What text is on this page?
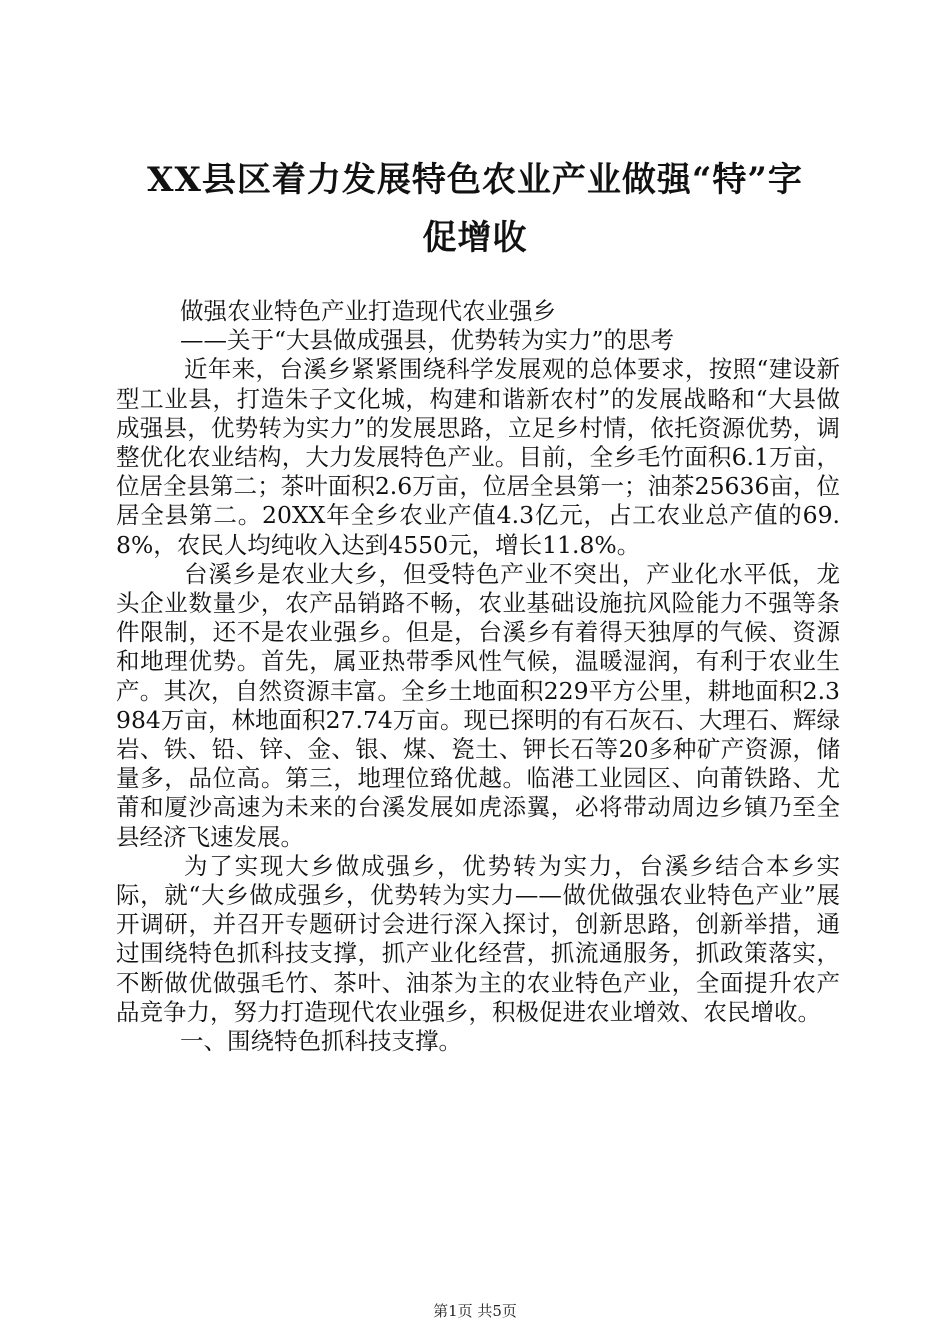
XX县区着力发展特色农业产业做强“特”字
促增收

做强农业特色产业打造现代农业强乡

——关于“大县做成强县，优势转为实力”的思考

近年来，台溪乡紧紧围绕科学发展观的总体要求，按照“建设新型工业县，打造朱子文化城，构建和谐新农村”的发展战略和“大县做成强县，优势转为实力”的发展思路，立足乡村情，依托资源优势，调整优化农业结构，大力发展特色产业。目前，全乡毛竹面积6.1万亩，位居全县第二；茶叶面积2.6万亩，位居全县第一；油茶25636亩，位居全县第二。20XX年全乡农业产值4.3亿元，占工农业总产值的69.8%，农民人均纯收入达到4550元，增长11.8%。

台溪乡是农业大乡，但受特色产业不突出，产业化水平低，龙头企业数量少，农产品销路不畅，农业基础设施抗风险能力不强等条件限制，还不是农业强乡。但是，台溪乡有着得天独厚的气候、资源和地理优势。首先，属亚热带季风性气候，温暖湿润，有利于农业生产。其次，自然资源丰富。全乡土地面积229平方公里，耕地面积2.3984万亩，林地面积27.74万亩。现已探明的有石灰石、大理石、辉绿岩、铁、铅、锌、金、银、煤、瓷土、钾长石等20多种矿产资源，储量多，品位高。第三，地理位臵优越。临港工业园区、向莆铁路、尤莆和厦沙高速为未来的台溪发展如虎添翼，必将带动周边乡镇乃至全县经济飞速发展。

为了实现大乡做成强乡，优势转为实力，台溪乡结合本乡实际，就“大乡做成强乡，优势转为实力——做优做强农业特色产业”展开调研，并召开专题研讨会进行深入探讨，创新思路，创新举措，通过围绕特色抓科技支撑，抓产业化经营，抓流通服务，抓政策落实，不断做优做强毛竹、茶叶、油茶为主的农业特色产业，全面提升农产品竞争力，努力打造现代农业强乡，积极促进农业增效、农民增收。

一、围绕特色抓科技支撑。

第1页 共5页
